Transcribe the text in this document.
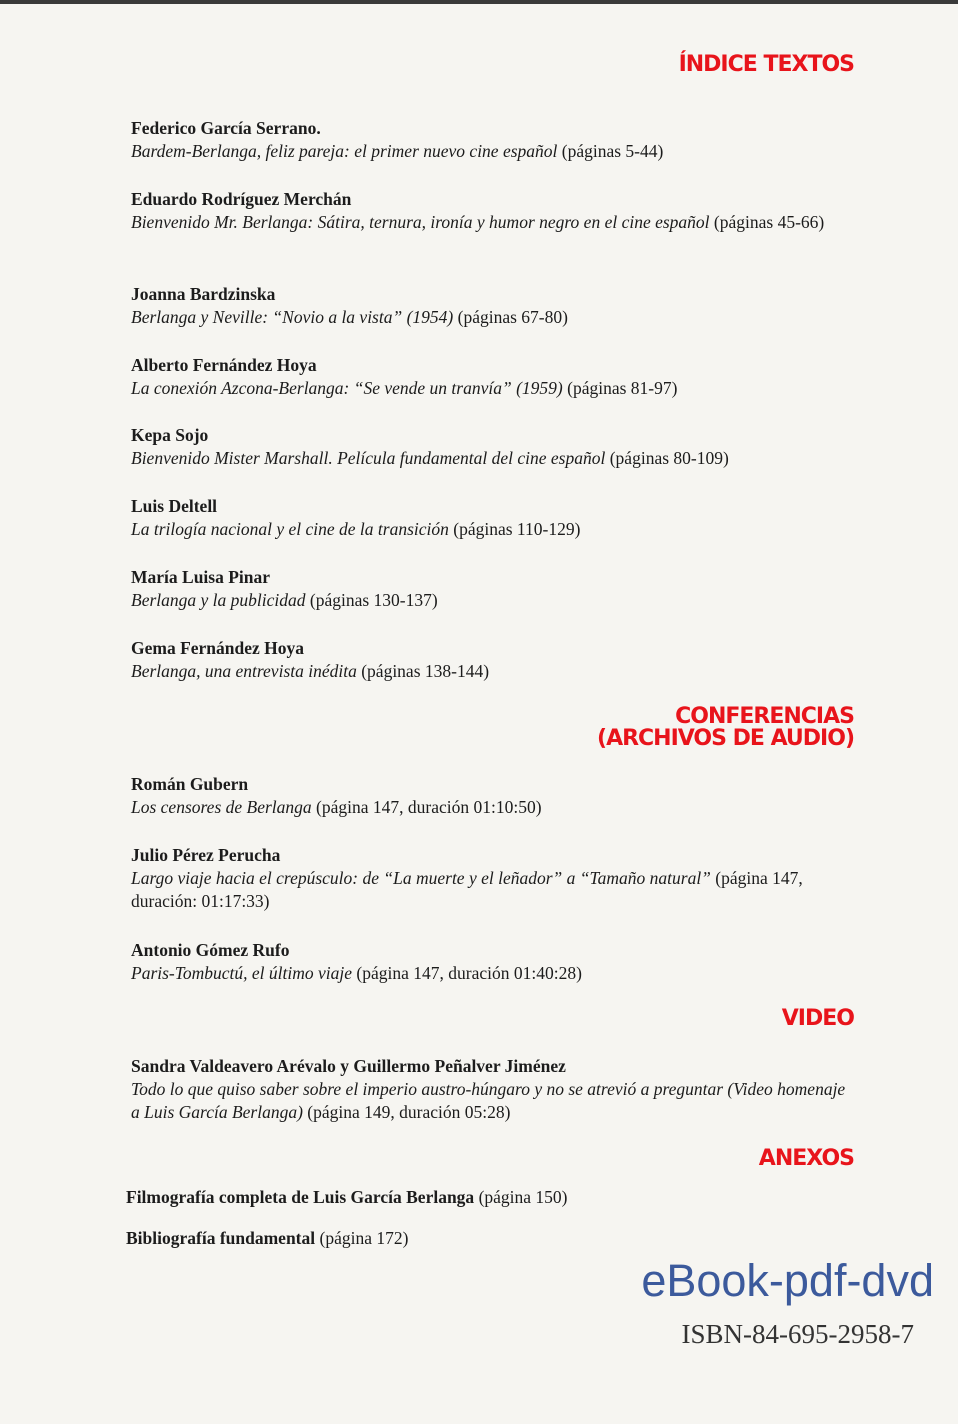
ÍNDICE TEXTOS
Federico García Serrano.
Bardem-Berlanga, feliz pareja: el primer nuevo cine español (páginas 5-44)
Eduardo Rodríguez Merchán
Bienvenido Mr. Berlanga: Sátira, ternura, ironía y humor negro en el cine español (páginas 45-66)
Joanna Bardzinska
Berlanga y Neville: “Novio a la vista” (1954) (páginas 67-80)
Alberto Fernández Hoya
La conexión Azcona-Berlanga: “Se vende un tranvía” (1959) (páginas 81-97)
Kepa Sojo
Bienvenido Mister Marshall. Película fundamental del cine español (páginas 80-109)
Luis Deltell
La trilogía nacional y el cine de la transición (páginas 110-129)
María Luisa Pinar
Berlanga y la publicidad (páginas 130-137)
Gema Fernández Hoya
Berlanga, una entrevista inédita (páginas 138-144)
CONFERENCIAS
(ARCHIVOS DE AUDIO)
Román Gubern
Los censores de Berlanga (página 147, duración 01:10:50)
Julio Pérez Perucha
Largo viaje hacia el crepúsculo: de “La muerte y el leñador” a “Tamaño natural” (página 147, duración: 01:17:33)
Antonio Gómez Rufo
Paris-Tombuctú, el último viaje (página 147, duración 01:40:28)
VIDEO
Sandra Valdeavero Arévalo y Guillermo Peñalver Jiménez
Todo lo que quiso saber sobre el imperio austro-húngaro y no se atrevió a preguntar (Video homenaje a Luis García Berlanga) (página 149, duración 05:28)
ANEXOS
Filmografía completa de Luis García Berlanga (página 150)
Bibliografía fundamental (página 172)
eBook-pdf-dvd
ISBN-84-695-2958-7
